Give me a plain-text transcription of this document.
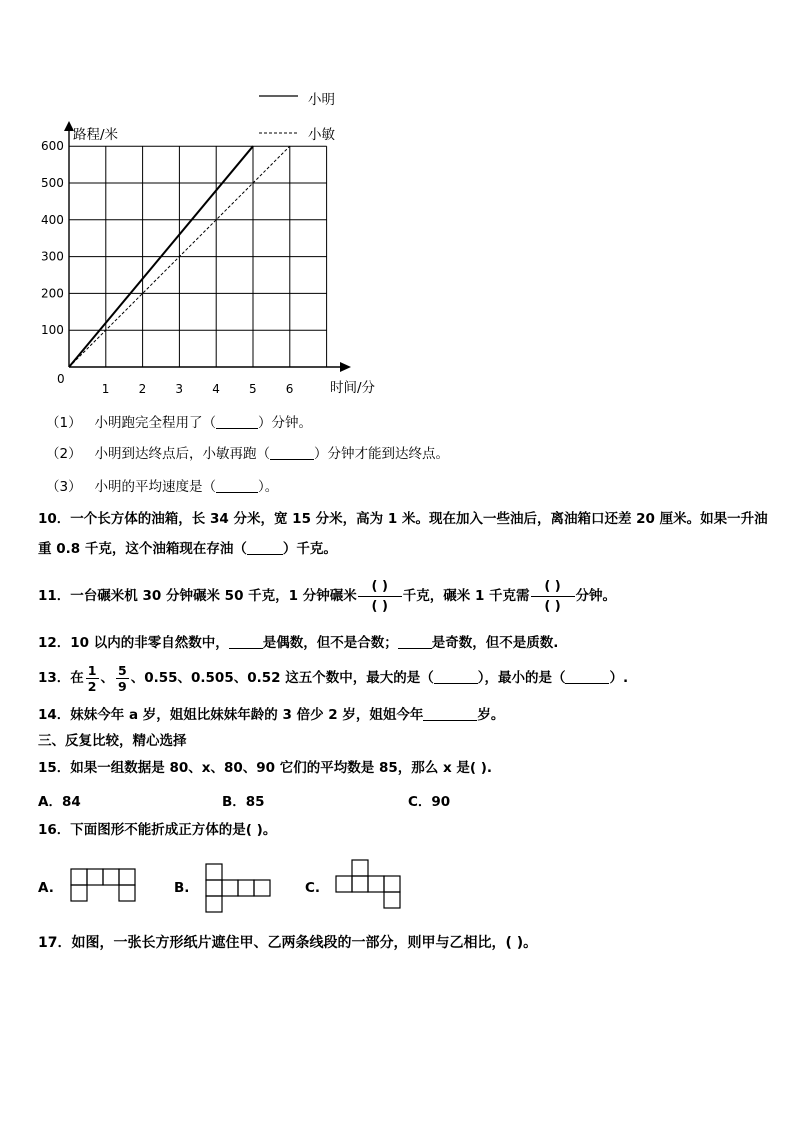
1 2 3 4 5 6
100
200
300
400
500
600
路程/米
时间/分
0
小明
小敏
（1） 小明跑完全程用了（	）分钟。
（2） 小明到达终点后，小敏再跑（	）分钟才能到达终点。
（3） 小明的平均速度是（	）。
10．一个长方体的油箱，长 34 分米，宽 15 分米，高为 1 米。现在加入一些油后，离油箱口还差 20 厘米。如果一升油
重 0.8 千克，这个油箱现在存油（	）千克。
11．一台碾米机 30 分钟碾米 50 千克，1 分钟碾米 $\frac{( )}{( )}$ 千克，碾米 1 千克需 $\frac{( )}{( )}$ 分钟。
12．10 以内的非零自然数中，	是偶数，但不是合数；	是奇数，但不是质数.
13．在 $\frac{1}{2}$ 、 $\frac{5}{9}$ 、0.55、0.505、0.52 这五个数中，最大的是（	），最小的是（	）.
14．妹妹今年 a 岁，姐姐比妹妹年龄的 3 倍少 2 岁，姐姐今年	岁。
三、反复比较，精心选择
15．如果一组数据是 80、x、80、90 它们的平均数是 85，那么 x 是( ).
A．84	B．85	C．90
16．下面图形不能折成正方体的是( )。
A.	B.	C.
17．如图，一张长方形纸片遮住甲、乙两条线段的一部分，则甲与乙相比，( )。
